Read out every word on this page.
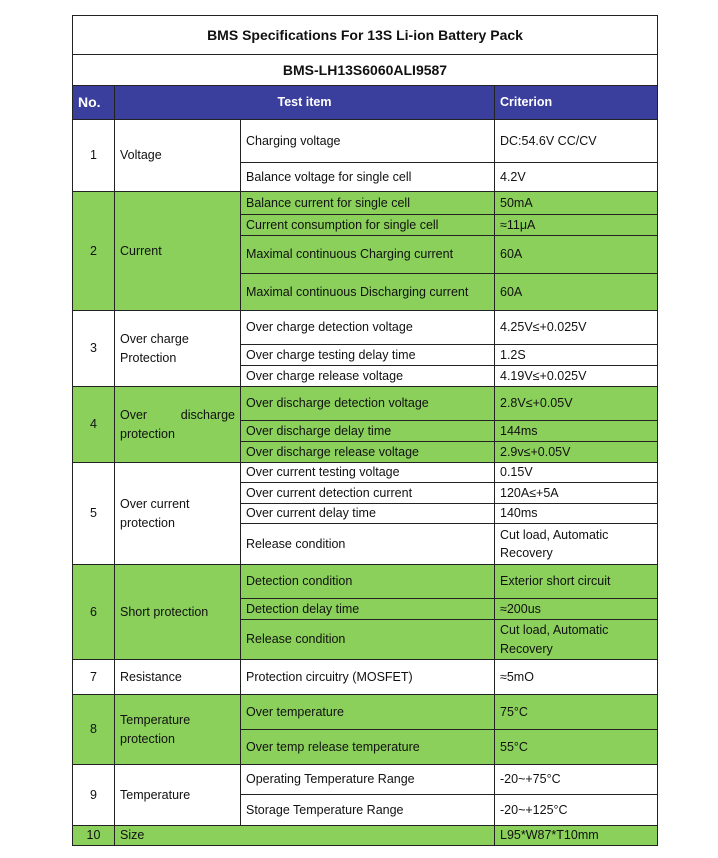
BMS Specifications For 13S Li-ion Battery Pack			
BMS-LH13S6060ALI9587			
No.	Test item		Criterion
1	Voltage	Charging voltage	DC:54.6V CC/CV
		Balance voltage for single cell	4.2V
2	Current	Balance current for single cell	50mA
		Current consumption for single cell	≈11μA
		Maximal continuous Charging current	60A
		Maximal continuous Discharging current	60A
3	Over charge Protection	Over charge detection voltage	4.25V≤+0.025V
		Over charge testing delay time	1.2S
		Over charge release voltage	4.19V≤+0.025V
4	Over discharge protection	Over discharge detection voltage	2.8V≤+0.05V
		Over discharge delay time	144ms
		Over discharge release voltage	2.9v≤+0.05V
5	Over current protection	Over current testing voltage	0.15V
		Over current detection current	120A≤+5A
		Over current delay time	140ms
		Release condition	Cut load, Automatic Recovery
6	Short protection	Detection condition	Exterior short circuit
		Detection delay time	≈200us
		Release condition	Cut load, Automatic Recovery
7	Resistance	Protection circuitry (MOSFET)	≈5mO
8	Temperature protection	Over temperature	75°C
		Over temp release temperature	55°C
9	Temperature	Operating Temperature Range	-20~+75°C
		Storage Temperature Range	-20~+125°C
10	Size		L95*W87*T10mm
